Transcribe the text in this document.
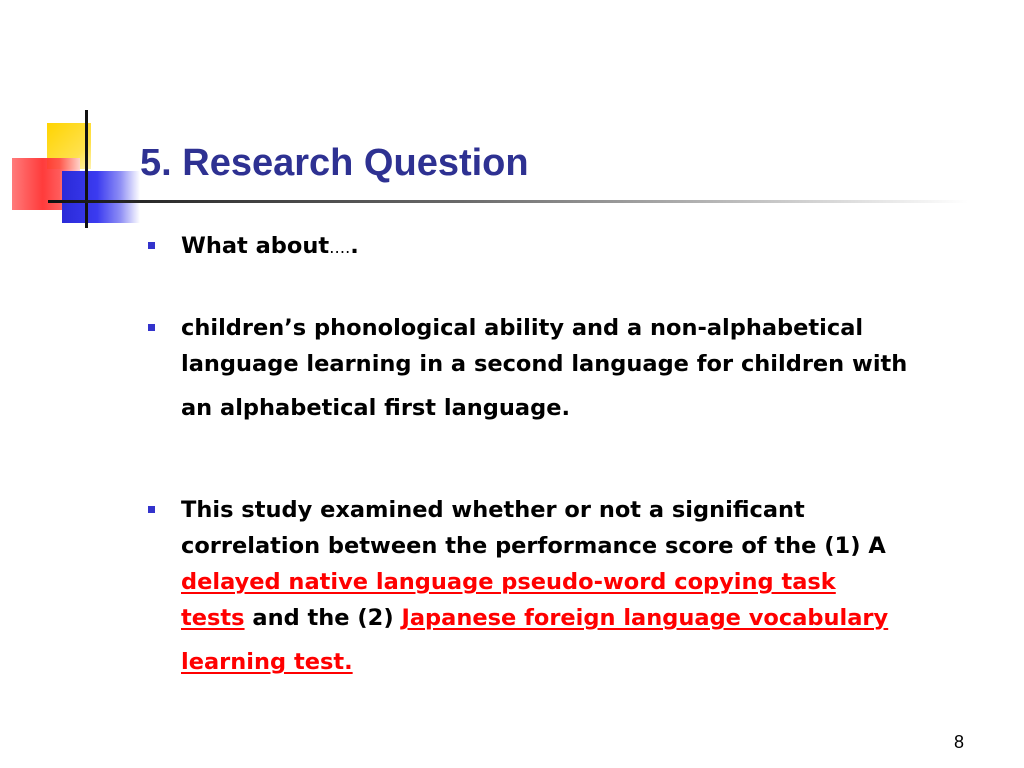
5. Research Question
What about…..
children’s phonological ability and a non-alphabetical
language learning in a second language for children with
an alphabetical first language.
This study examined whether or not a significant
correlation between the performance score of the (1) A
delayed native language pseudo-word copying task
tests and the (2) Japanese foreign language vocabulary
learning test.
8
